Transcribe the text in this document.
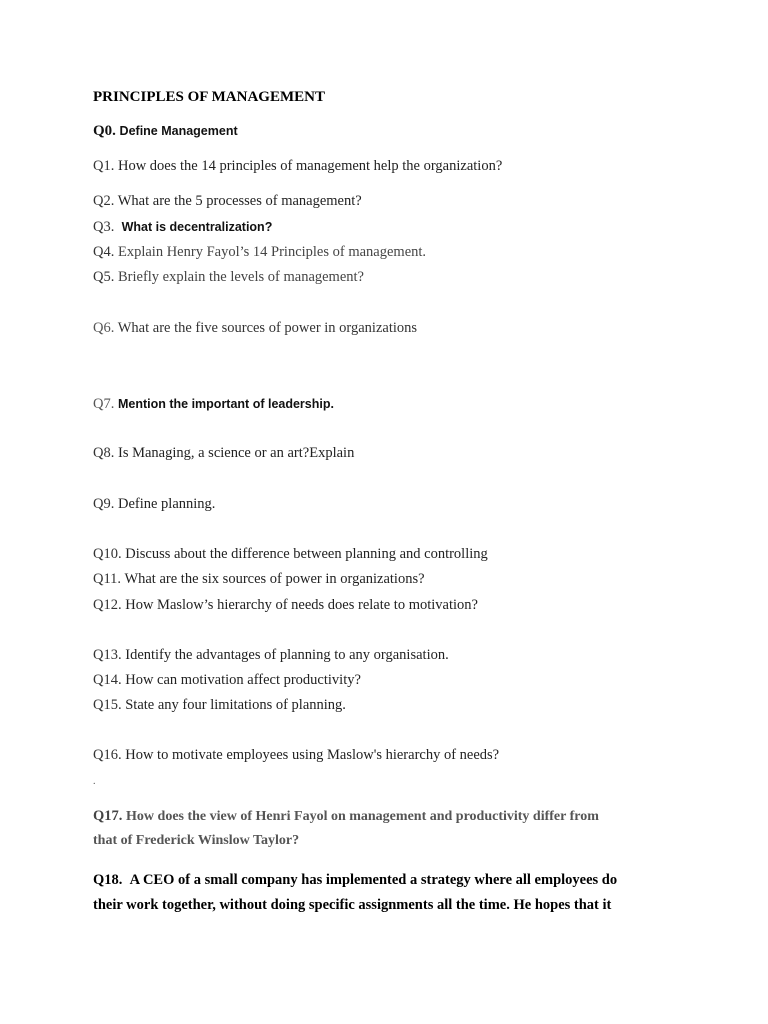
PRINCIPLES OF MANAGEMENT
Q0. Define Management
Q1. How does the 14 principles of management help the organization?
Q2. What are the 5 processes of management?
Q3. What is decentralization?
Q4. Explain Henry Fayol’s 14 Principles of management.
Q5. Briefly explain the levels of management?
Q6. What are the five sources of power in organizations
Q7. Mention the important of leadership.
Q8. Is Managing, a science or an art?Explain
Q9. Define planning.
Q10. Discuss about the difference between planning and controlling
Q11. What are the six sources of power in organizations?
Q12. How Maslow’s hierarchy of needs does relate to motivation?
Q13. Identify the advantages of planning to any organisation.
Q14. How can motivation affect productivity?
Q15. State any four limitations of planning.
Q16. How to motivate employees using Maslow's hierarchy of needs?
.
Q17. How does the view of Henri Fayol on management and productivity differ from
that of Frederick Winslow Taylor?
Q18. A CEO of a small company has implemented a strategy where all employees do
their work together, without doing specific assignments all the time. He hopes that it
